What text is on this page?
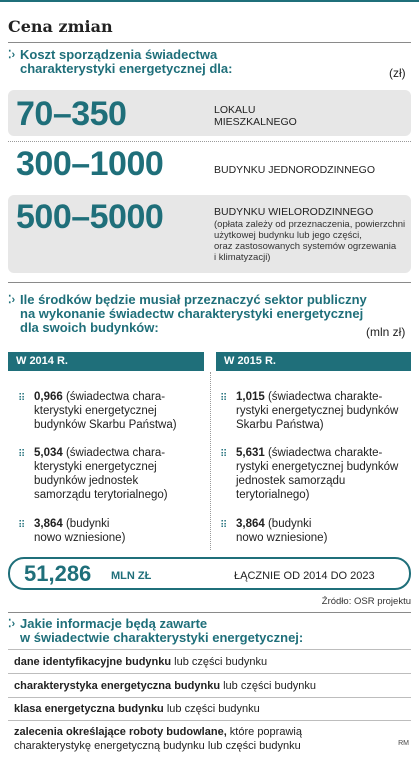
Cena zmian
⁚› Koszt sporządzenia świadectwa
charakterystyki energetycznej dla:	(zł)
70–350	LOKALU
MIESZKALNEGO
300–1000	BUDYNKU JEDNORODZINNEGO
500–5000	BUDYNKU WIELORODZINNEGO
(opłata zależy od przeznaczenia, powierzchni
użytkowej budynku lub jego części,
oraz zastosowanych systemów ogrzewania
i klimatyzacji)
⁚› Ile środków będzie musiał przeznaczyć sektor publiczny
na wykonanie świadectw charakterystyki energetycznej
dla swoich budynków:	(mln zł)
W 2014 R.	W 2015 R.
⠿ 0,966 (świadectwa chara-
kterystyki energetycznej
budynków Skarbu Państwa)
⠿ 5,034 (świadectwa chara-
kterystyki energetycznej
budynków jednostek
samorządu terytorialnego)
⠿ 3,864 (budynki
nowo wzniesione)
⠿ 1,015 (świadectwa charakte-
rystyki energetycznej budynków
Skarbu Państwa)
⠿ 5,631 (świadectwa charakte-
rystyki energetycznej budynków
jednostek samorządu
terytorialnego)
⠿ 3,864 (budynki
nowo wzniesione)
51,286 MLN ZŁ	ŁĄCZNIE OD 2014 DO 2023
Źródło: OSR projektu
⁚› Jakie informacje będą zawarte
w świadectwie charakterystyki energetycznej:
dane identyfikacyjne budynku lub części budynku
charakterystyka energetyczna budynku lub części budynku
klasa energetyczna budynku lub części budynku
zalecenia określające roboty budowlane, które poprawią
charakterystykę energetyczną budynku lub części budynku	RM
